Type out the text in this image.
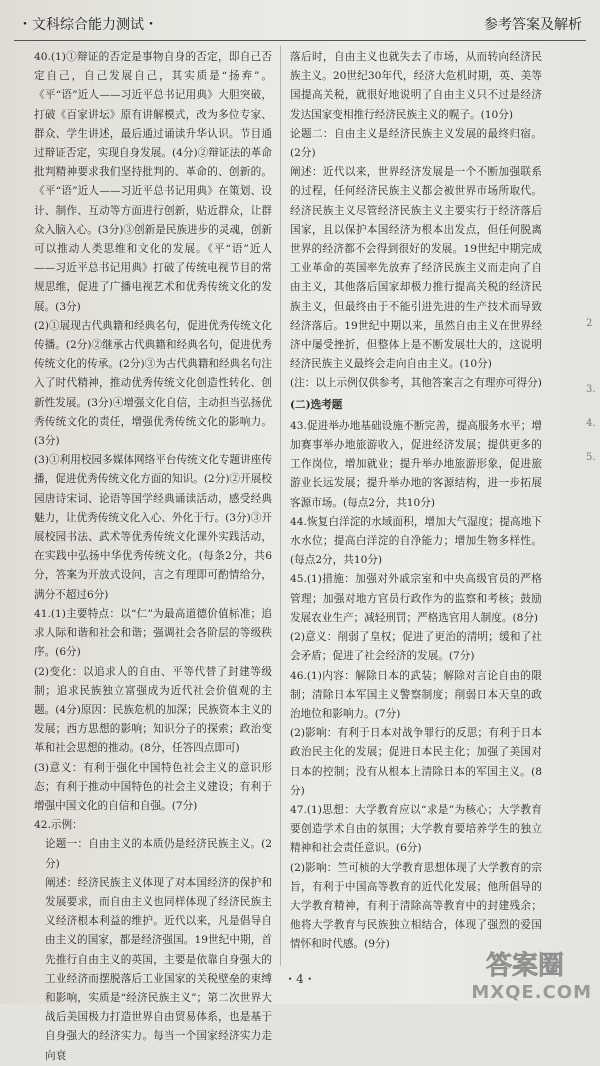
・文科综合能力测试・	参考答案及解析

40.(1)①辩证的否定是事物自身的否定，即自己否定自己，自己发展自己，其实质是“扬弃”。《平“语”近人——习近平总书记用典》大胆突破，打破《百家讲坛》原有讲解模式，改为多位专家、群众、学生讲述，最后通过诵读升华认识。节目通过辩证否定，实现自身发展。(4分)②辩证法的革命批判精神要求我们坚持批判的、革命的、创新的。《平“语”近人——习近平总书记用典》在策划、设计、制作、互动等方面进行创新，贴近群众，让群众入脑入心。(3分)③创新是民族进步的灵魂，创新可以推动人类思维和文化的发展。《平“语”近人——习近平总书记用典》打破了传统电视节目的常规思维，促进了广播电视艺术和优秀传统文化的发展。(3分)

(2)①展现古代典籍和经典名句，促进优秀传统文化传播。(2分)②继承古代典籍和经典名句，促进优秀传统文化的传承。(2分)③为古代典籍和经典名句注入了时代精神，推动优秀传统文化创造性转化、创新性发展。(3分)④增强文化自信，主动担当弘扬优秀传统文化的责任，增强优秀传统文化的影响力。(3分)

(3)①利用校园多媒体网络平台传统文化专题讲座传播，促进优秀传统文化方面的知识。(2分)②开展校园唐诗宋词、论语等国学经典诵读活动，感受经典魅力，让优秀传统文化入心、外化于行。(3分)③开展校园书法、武术等优秀传统文化课外实践活动，在实践中弘扬中华优秀传统文化。(每条2分，共6分，答案为开放式设问，言之有理即可酌情给分，满分不超过6分)

41.(1)主要特点：以“仁”为最高道德价值标准；追求人际和谐和社会和谐；强调社会各阶层的等级秩序。(6分)

(2)变化：以追求人的自由、平等代替了封建等级制；追求民族独立富强成为近代社会价值观的主题。(4分)原因：民族危机的加深；民族资本主义的发展；西方思想的影响；知识分子的探索；政治变革和社会思想的推动。(8分，任答四点即可)

(3)意义：有利于强化中国特色社会主义的意识形态；有利于推动中国特色的社会主义建设；有利于增强中国文化的自信和自强。(7分)

42.示例：

论题一：自由主义的本质仍是经济民族主义。(2分)

阐述：经济民族主义体现了对本国经济的保护和发展要求，而自由主义也同样体现了经济民族主义经济根本利益的维护。近代以来，凡是倡导自由主义的国家，都是经济强国。19世纪中期，首先推行自由主义的英国，主要是依靠自身强大的工业经济而摆脱落后工业国家的关税壁垒的束缚和影响，实质是“经济民族主义”；第二次世界大战后美国极力打造世界自由贸易体系，也是基于自身强大的经济实力。每当一个国家经济实力走向衰

落后时，自由主义也就失去了市场，从而转向经济民族主义。20世纪30年代，经济大危机时期，英、美等国提高关税，就很好地说明了自由主义只不过是经济发达国家变相推行经济民族主义的幌子。(10分)

论题二：自由主义是经济民族主义发展的最终归宿。(2分)

阐述：近代以来，世界经济发展是一个不断加强联系的过程，任何经济民族主义都会被世界市场所取代。经济民族主义尽管经济民族主义主要实行于经济落后国家，且以保护本国经济为根本出发点，但任何脱离世界的经济都不会得到很好的发展。19世纪中期完成工业革命的英国率先放弃了经济民族主义而走向了自由主义，其他落后国家却极力推行提高关税的经济民族主义，但最终由于不能引进先进的生产技术而导致经济落后。19世纪中期以来，虽然自由主义在世界经济中屡受挫折，但整体上是不断发展壮大的，这说明经济民族主义最终会走向自由主义。(10分)

(注：以上示例仅供参考，其他答案言之有理亦可得分)

(二)选考题

43.促进举办地基础设施不断完善，提高服务水平；增加赛事举办地旅游收入，促进经济发展；提供更多的工作岗位，增加就业；提升举办地旅游形象，促进旅游业长远发展；提升举办地的客源结构，进一步拓展客源市场。(每点2分，共10分)

44.恢复白洋淀的水域面积，增加大气湿度；提高地下水水位；提高白洋淀的自净能力；增加生物多样性。(每点2分，共10分)

45.(1)措施：加强对外戚宗室和中央高级官员的严格管理；加强对地方官员行政作为的监察和考核；鼓励发展农业生产；减轻刑罚；严格选官用人制度。(8分)

(2)意义：削弱了皇权；促进了更治的清明；缓和了社会矛盾；促进了社会经济的发展。(7分)

46.(1)内容：解除日本的武装；解除对言论自由的限制；清除日本军国主义警察制度；削弱日本天皇的政治地位和影响力。(7分)

(2)影响：有利于日本对战争罪行的反思；有利于日本政治民主化的发展；促进日本民主化；加强了美国对日本的控制；没有从根本上清除日本的军国主义。(8分)

47.(1)思想：大学教育应以“求是”为核心；大学教育要创造学术自由的氛围；大学教育要培养学生的独立精神和社会责任意识。(6分)

(2)影响：竺可桢的大学教育思想体现了大学教育的宗旨，有利于中国高等教育的近代化发展；他所倡导的大学教育精神，有利于清除高等教育中的封建残余；他将大学教育与民族独立相结合，体现了强烈的爱国情怀和时代感。(9分)

2
3.
4.
5.
・4・	答案圈
MXQE.COM
